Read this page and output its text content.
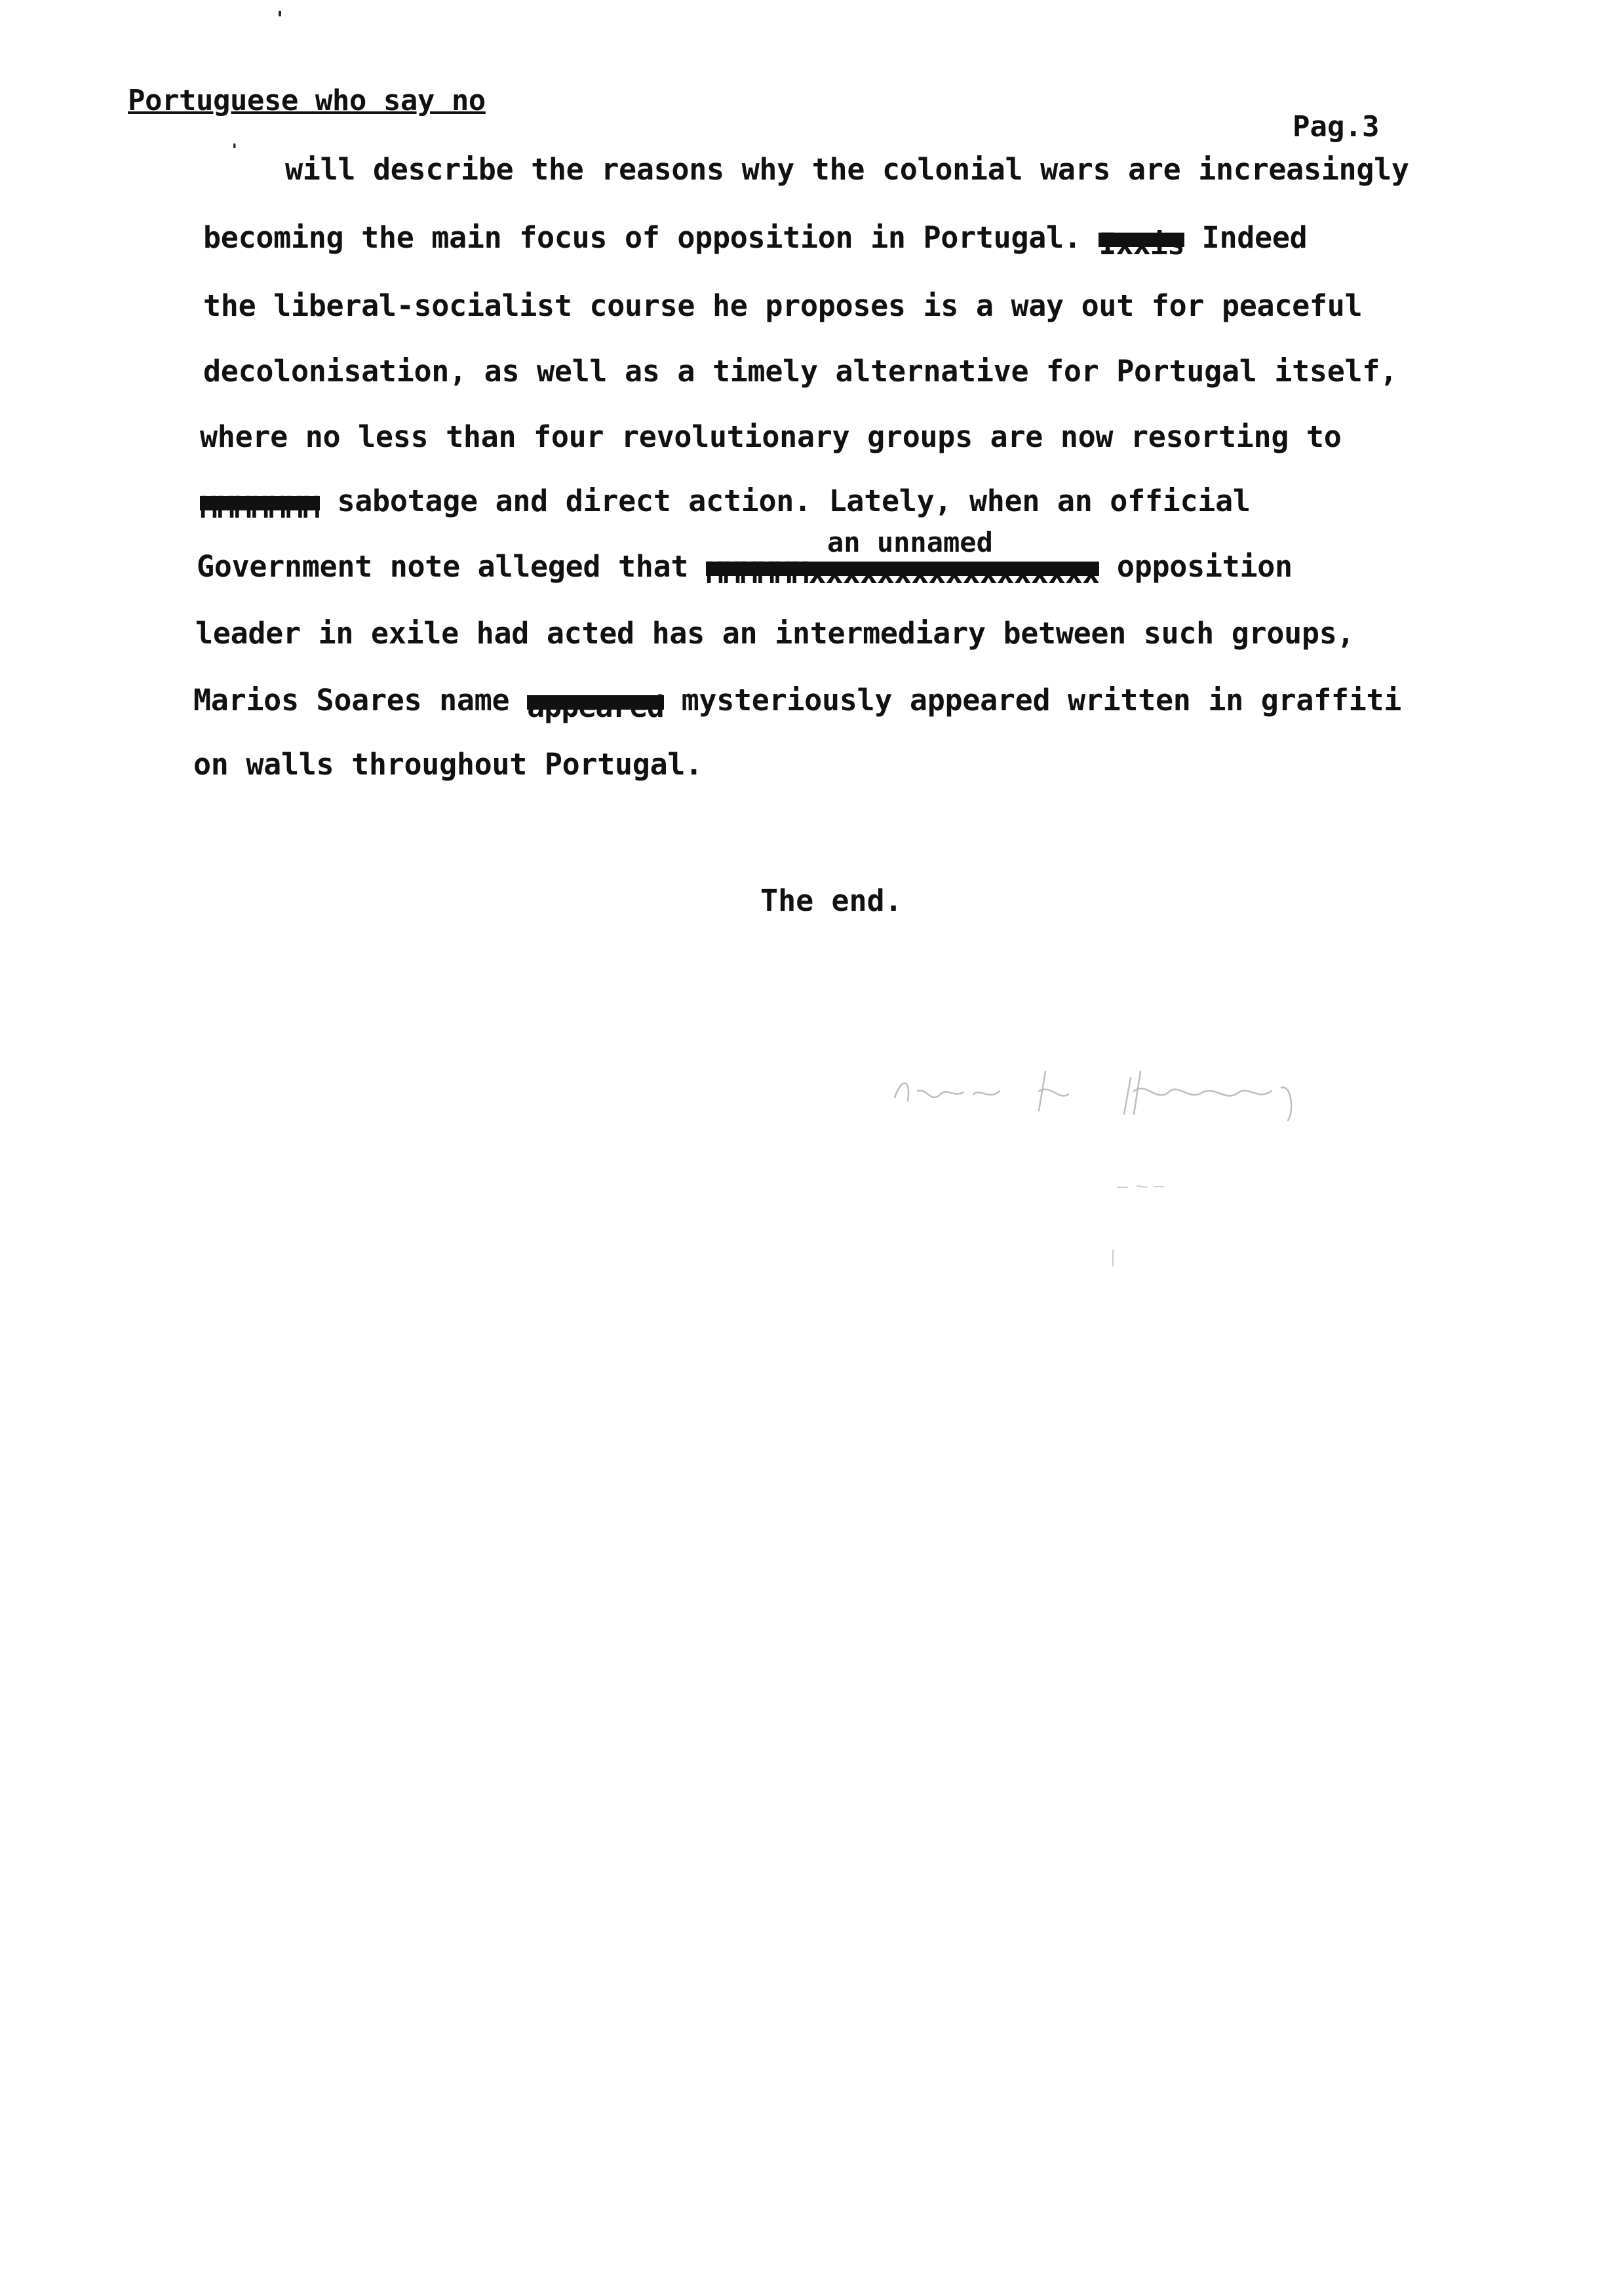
'
'
Portuguese who say no
Pag.3
will describe the reasons why the colonial wars are increasingly
becoming the main focus of opposition in Portugal. Ixxis Indeed
the liberal-socialist course he proposes is a way out for peaceful
decolonisation, as well as a timely alternative for Portugal itself,
where no less than four revolutionary groups are now resorting to
MMMMMMM sabotage and direct action. Lately, when an official
an unnamed
Government note alleged that MMMMMMxxxxxxxxxxxxxxxxx opposition
leader in exile had acted has an intermediary between such groups,
Marios Soares name appeared mysteriously appeared written in graffiti
on walls throughout Portugal.
The end.
